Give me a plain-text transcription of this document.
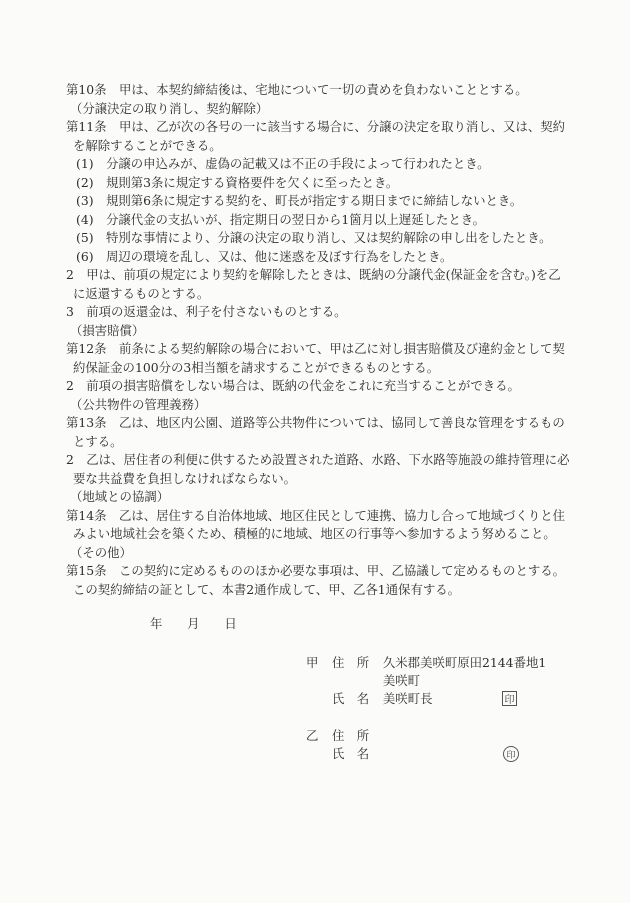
第10条　甲は、本契約締結後は、宅地について一切の責めを負わないこととする。
（分譲決定の取り消し、契約解除）
第11条　甲は、乙が次の各号の一に該当する場合に、分譲の決定を取り消し、又は、契約
を解除することができる。
(1)　分譲の申込みが、虚偽の記載又は不正の手段によって行われたとき。
(2)　規則第3条に規定する資格要件を欠くに至ったとき。
(3)　規則第6条に規定する契約を、町長が指定する期日までに締結しないとき。
(4)　分譲代金の支払いが、指定期日の翌日から1箇月以上遅延したとき。
(5)　特別な事情により、分譲の決定の取り消し、又は契約解除の申し出をしたとき。
(6)　周辺の環境を乱し、又は、他に迷惑を及ぼす行為をしたとき。
2　甲は、前項の規定により契約を解除したときは、既納の分譲代金(保証金を含む。)を乙
に返還するものとする。
3　前項の返還金は、利子を付さないものとする。
（損害賠償）
第12条　前条による契約解除の場合において、甲は乙に対し損害賠償及び違約金として契
約保証金の100分の3相当額を請求することができるものとする。
2　前項の損害賠償をしない場合は、既納の代金をこれに充当することができる。
（公共物件の管理義務）
第13条　乙は、地区内公園、道路等公共物件については、協同して善良な管理をするもの
とする。
2　乙は、居住者の利便に供するため設置された道路、水路、下水路等施設の維持管理に必
要な共益費を負担しなければならない。
（地域との協調）
第14条　乙は、居住する自治体地域、地区住民として連携、協力し合って地域づくりと住
みよい地域社会を築くため、積極的に地域、地区の行事等へ参加するよう努めること。
（その他）
第15条　この契約に定めるもののほか必要な事項は、甲、乙協議して定めるものとする。
この契約締結の証として、本書2通作成して、甲、乙各1通保有する。
年　　月　　日
甲 住　所 久米郡美咲町原田2144番地1
美咲町
氏　名 美咲町長
乙 住　所
氏　名
印
印
